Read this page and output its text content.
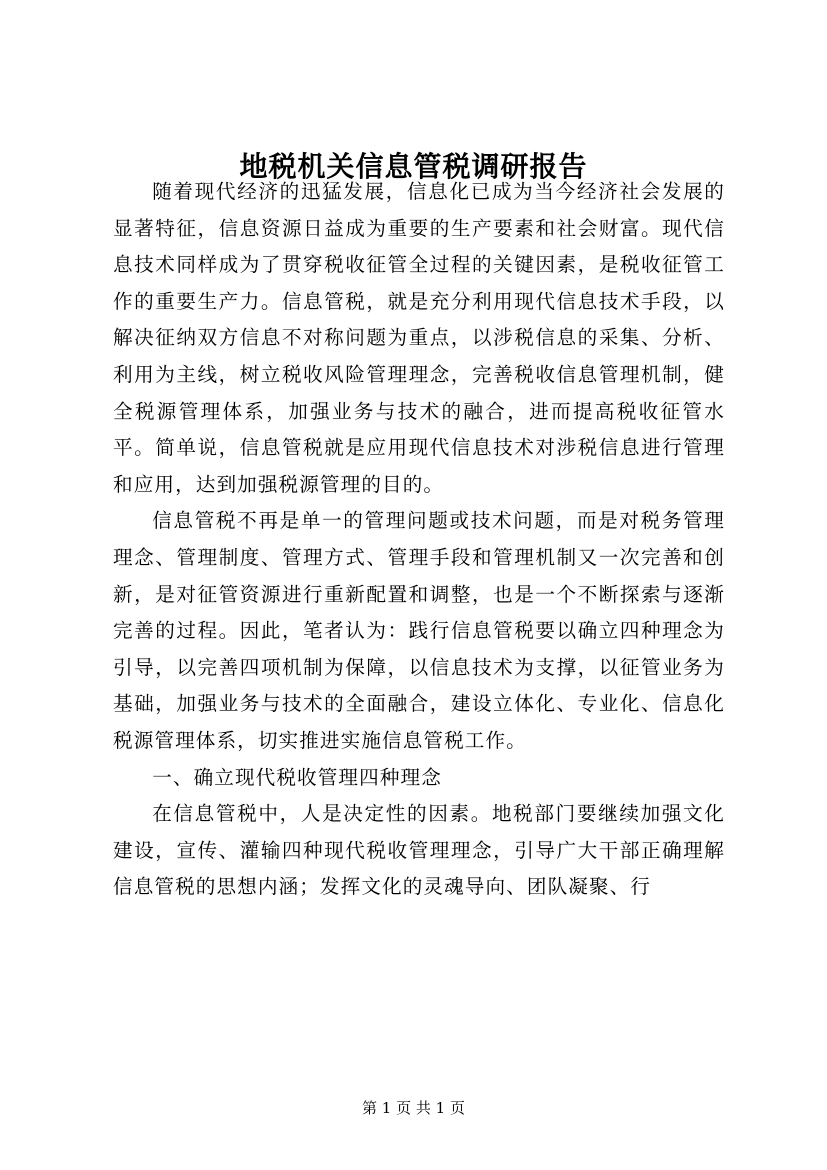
地税机关信息管税调研报告

随着现代经济的迅猛发展，信息化已成为当今经济社会发展的显著特征，信息资源日益成为重要的生产要素和社会财富。现代信息技术同样成为了贯穿税收征管全过程的关键因素，是税收征管工作的重要生产力。信息管税，就是充分利用现代信息技术手段，以解决征纳双方信息不对称问题为重点，以涉税信息的采集、分析、利用为主线，树立税收风险管理理念，完善税收信息管理机制，健全税源管理体系，加强业务与技术的融合，进而提高税收征管水平。简单说，信息管税就是应用现代信息技术对涉税信息进行管理和应用，达到加强税源管理的目的。

信息管税不再是单一的管理问题或技术问题，而是对税务管理理念、管理制度、管理方式、管理手段和管理机制又一次完善和创新，是对征管资源进行重新配置和调整，也是一个不断探索与逐渐完善的过程。因此，笔者认为：践行信息管税要以确立四种理念为引导，以完善四项机制为保障，以信息技术为支撑，以征管业务为基础，加强业务与技术的全面融合，建设立体化、专业化、信息化税源管理体系，切实推进实施信息管税工作。

一、确立现代税收管理四种理念

在信息管税中，人是决定性的因素。地税部门要继续加强文化建设，宣传、灌输四种现代税收管理理念，引导广大干部正确理解信息管税的思想内涵；发挥文化的灵魂导向、团队凝聚、行

第 1 页 共 1 页
